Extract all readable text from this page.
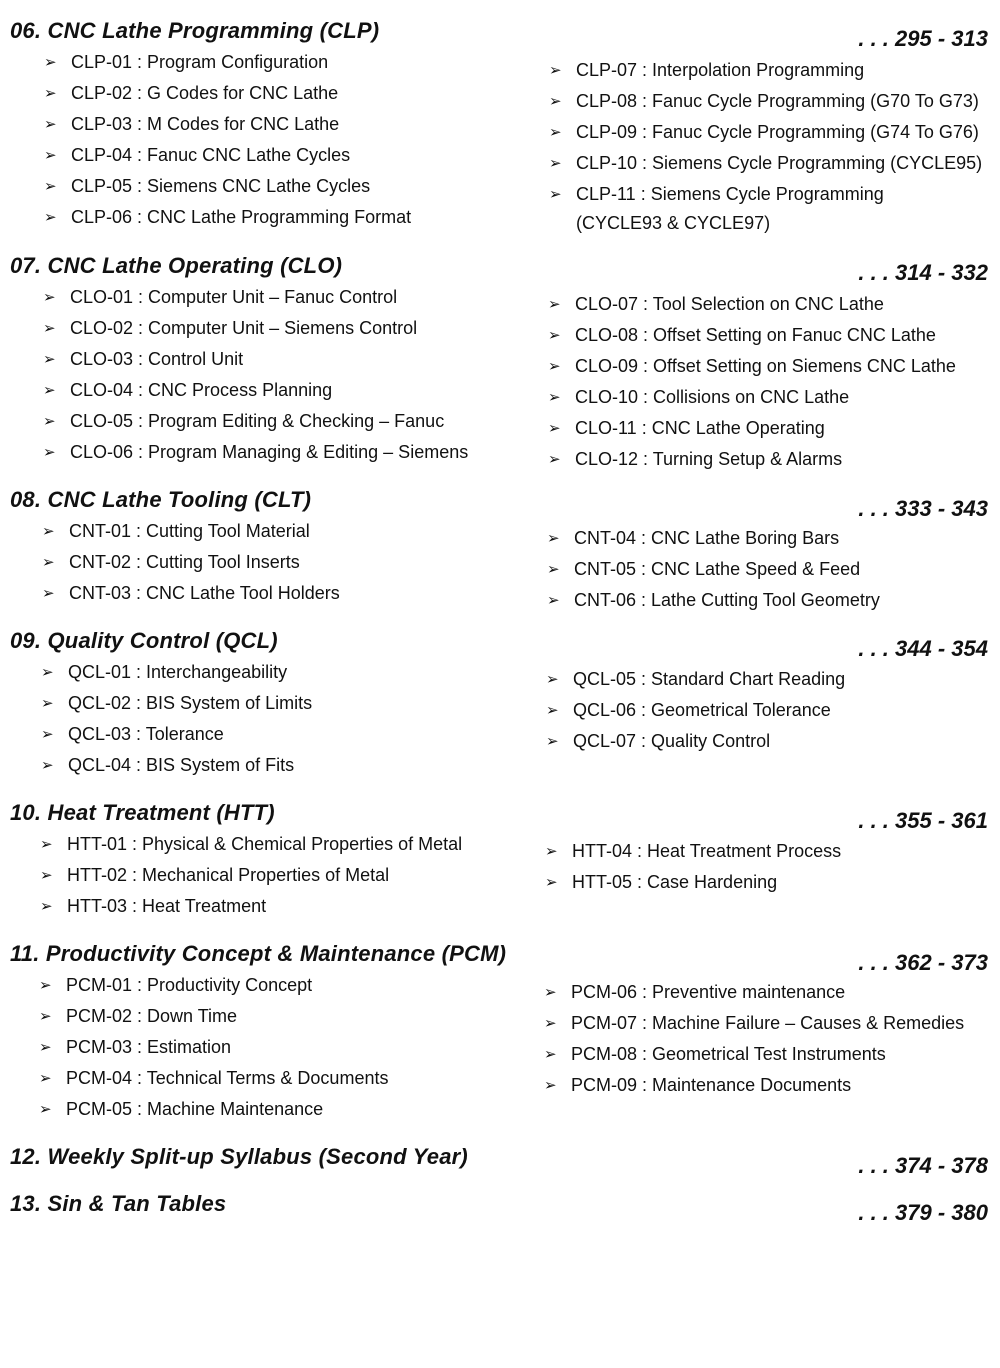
06. CNC Lathe Programming (CLP)	. . . 295 - 313
➢ CLP-01 : Program Configuration
➢ CLP-02 : G Codes for CNC Lathe
➢ CLP-03 : M Codes for CNC Lathe
➢ CLP-04 : Fanuc CNC Lathe Cycles
➢ CLP-05 : Siemens CNC Lathe Cycles
➢ CLP-06 : CNC Lathe Programming Format
➢ CLP-07 : Interpolation Programming
➢ CLP-08 : Fanuc Cycle Programming (G70 To G73)
➢ CLP-09 : Fanuc Cycle Programming (G74 To G76)
➢ CLP-10 : Siemens Cycle Programming (CYCLE95)
➢ CLP-11 : Siemens Cycle Programming
(CYCLE93 & CYCLE97)
07. CNC Lathe Operating (CLO)	. . . 314 - 332
➢ CLO-01 : Computer Unit – Fanuc Control
➢ CLO-02 : Computer Unit – Siemens Control
➢ CLO-03 : Control Unit
➢ CLO-04 : CNC Process Planning
➢ CLO-05 : Program Editing & Checking – Fanuc
➢ CLO-06 : Program Managing & Editing – Siemens
➢ CLO-07 : Tool Selection on CNC Lathe
➢ CLO-08 : Offset Setting on Fanuc CNC Lathe
➢ CLO-09 : Offset Setting on Siemens CNC Lathe
➢ CLO-10 : Collisions on CNC Lathe
➢ CLO-11 : CNC Lathe Operating
➢ CLO-12 : Turning Setup & Alarms
08. CNC Lathe Tooling (CLT)	. . . 333 - 343
➢ CNT-01 : Cutting Tool Material
➢ CNT-02 : Cutting Tool Inserts
➢ CNT-03 : CNC Lathe Tool Holders
➢ CNT-04 : CNC Lathe Boring Bars
➢ CNT-05 : CNC Lathe Speed & Feed
➢ CNT-06 : Lathe Cutting Tool Geometry
09. Quality Control (QCL)	. . . 344 - 354
➢ QCL-01 : Interchangeability
➢ QCL-02 : BIS System of Limits
➢ QCL-03 : Tolerance
➢ QCL-04 : BIS System of Fits
➢ QCL-05 : Standard Chart Reading
➢ QCL-06 : Geometrical Tolerance
➢ QCL-07 : Quality Control
10. Heat Treatment (HTT)	. . . 355 - 361
➢ HTT-01 : Physical & Chemical Properties of Metal
➢ HTT-02 : Mechanical Properties of Metal
➢ HTT-03 : Heat Treatment
➢ HTT-04 : Heat Treatment Process
➢ HTT-05 : Case Hardening
11. Productivity Concept & Maintenance (PCM)	. . . 362 - 373
➢ PCM-01 : Productivity Concept
➢ PCM-02 : Down Time
➢ PCM-03 : Estimation
➢ PCM-04 : Technical Terms & Documents
➢ PCM-05 : Machine Maintenance
➢ PCM-06 : Preventive maintenance
➢ PCM-07 : Machine Failure – Causes & Remedies
➢ PCM-08 : Geometrical Test Instruments
➢ PCM-09 : Maintenance Documents
12. Weekly Split-up Syllabus (Second Year)	. . . 374 - 378
13. Sin & Tan Tables	. . . 379 - 380
